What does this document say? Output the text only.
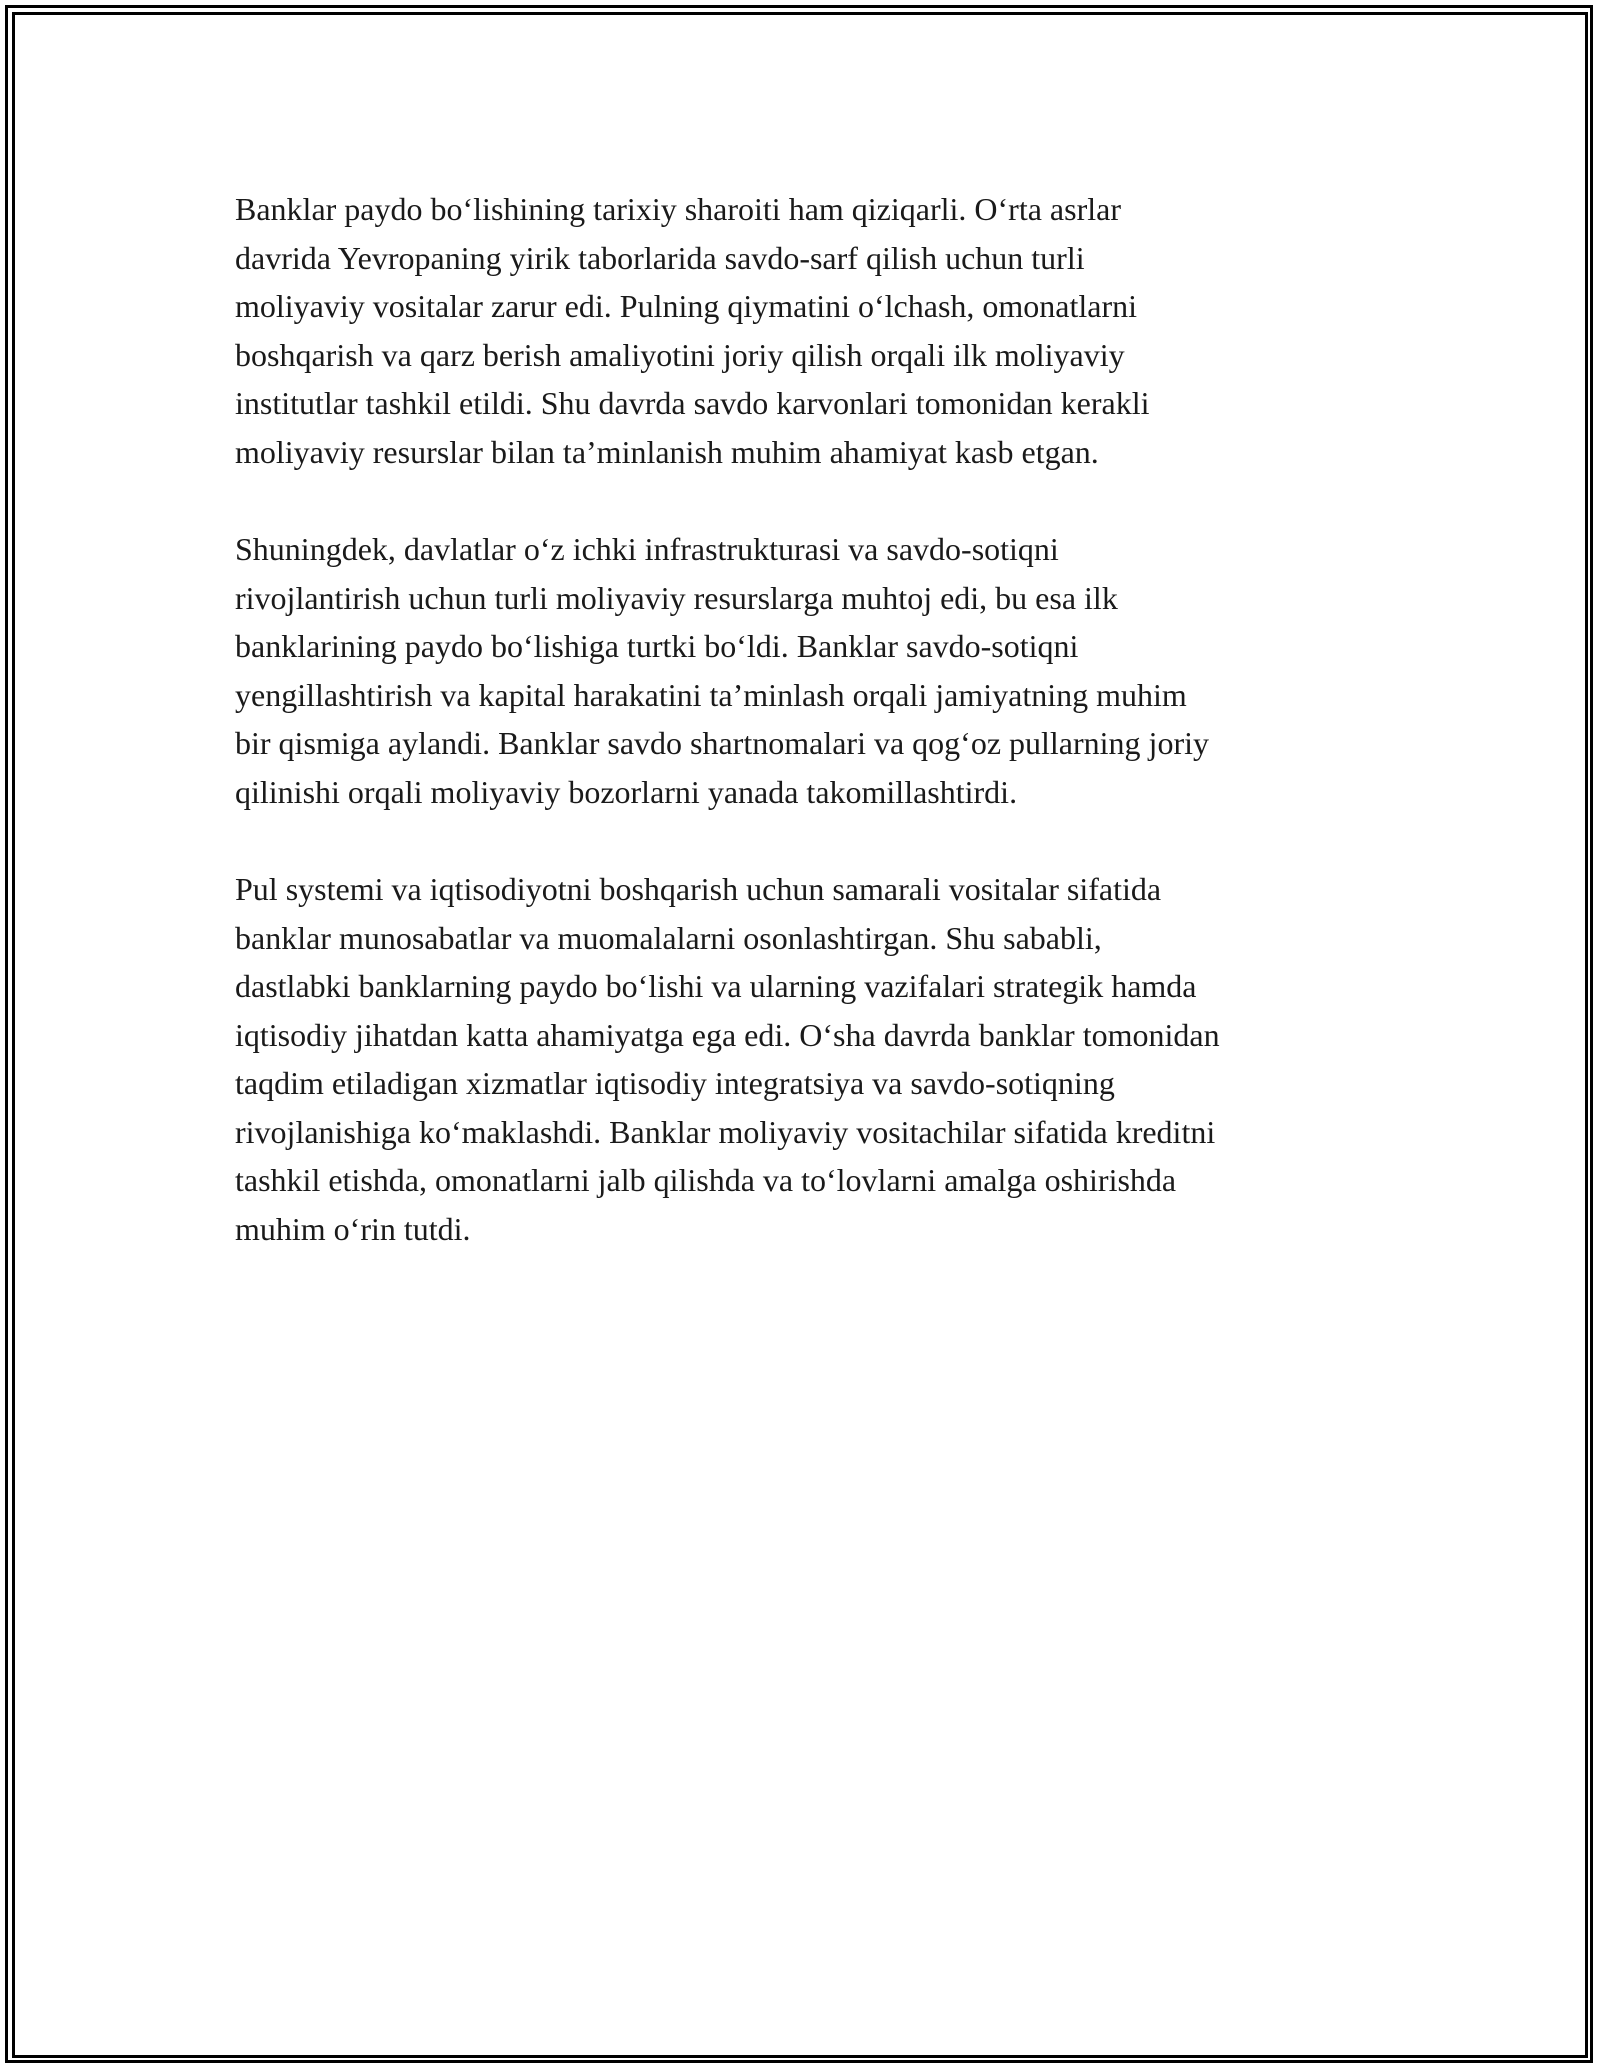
Banklar paydo bo‘lishining tarixiy sharoiti ham qiziqarli. O‘rta asrlar
davrida Yevropaning yirik taborlarida savdo-sarf qilish uchun turli
moliyaviy vositalar zarur edi. Pulning qiymatini o‘lchash, omonatlarni
boshqarish va qarz berish amaliyotini joriy qilish orqali ilk moliyaviy
institutlar tashkil etildi. Shu davrda savdo karvonlari tomonidan kerakli
moliyaviy resurslar bilan ta’minlanish muhim ahamiyat kasb etgan.

Shuningdek, davlatlar o‘z ichki infrastrukturasi va savdo-sotiqni
rivojlantirish uchun turli moliyaviy resurslarga muhtoj edi, bu esa ilk
banklarining paydo bo‘lishiga turtki bo‘ldi. Banklar savdo-sotiqni
yengillashtirish va kapital harakatini ta’minlash orqali jamiyatning muhim
bir qismiga aylandi. Banklar savdo shartnomalari va qog‘oz pullarning joriy
qilinishi orqali moliyaviy bozorlarni yanada takomillashtirdi.

Pul systemi va iqtisodiyotni boshqarish uchun samarali vositalar sifatida
banklar munosabatlar va muomalalarni osonlashtirgan. Shu sababli,
dastlabki banklarning paydo bo‘lishi va ularning vazifalari strategik hamda
iqtisodiy jihatdan katta ahamiyatga ega edi. O‘sha davrda banklar tomonidan
taqdim etiladigan xizmatlar iqtisodiy integratsiya va savdo-sotiqning
rivojlanishiga ko‘maklashdi. Banklar moliyaviy vositachilar sifatida kreditni
tashkil etishda, omonatlarni jalb qilishda va to‘lovlarni amalga oshirishda
muhim o‘rin tutdi.
